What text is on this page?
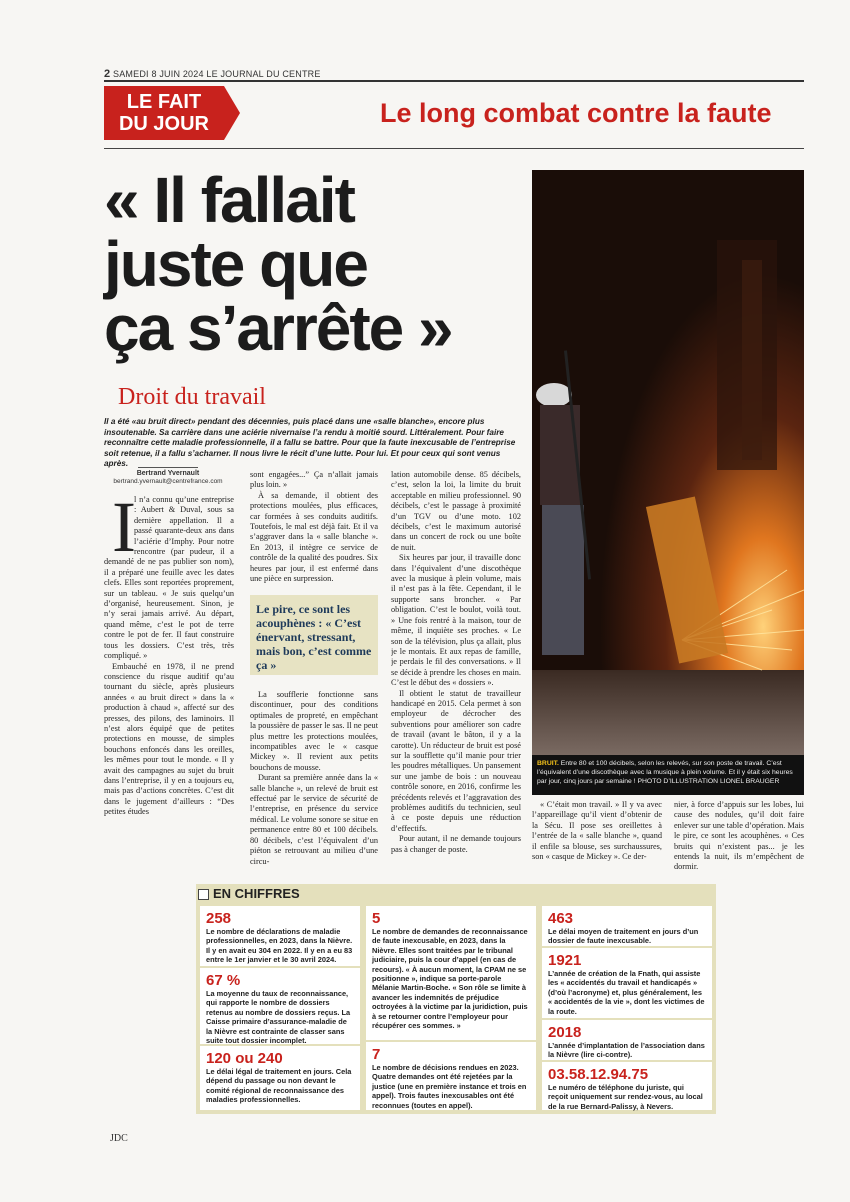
2 SAMEDI 8 JUIN 2024 LE JOURNAL DU CENTRE
LE FAIT
DU JOUR	Le long combat contre la faute
« Il fallait
juste que
ça s’arrête »
Droit du travail
Il a été «au bruit direct» pendant des décennies, puis placé dans une «salle blanche», encore plus insoutenable. Sa carrière dans une aciérie nivernaise l’a rendu à moitié sourd. Littéralement. Pour faire reconnaître cette maladie professionnelle, il a fallu se battre. Pour que la faute inexcusable de l’entreprise soit retenue, il a fallu s’acharner. Il nous livre le récit d’une lutte. Pour lui. Et pour ceux qui sont venus après.
Bertrand Yvernault
bertrand.yvernault@centrefrance.com
I

l n’a connu qu’une entreprise : Aubert & Duval, sous sa dernière appellation. Il a passé quarante-deux ans dans l’aciérie d’Imphy. Pour notre rencontre (par pudeur, il a demandé de ne pas publier son nom), il a préparé une feuille avec les dates clefs. Elles sont reportées proprement, sur un tableau. « Je suis quelqu’un d’organisé, heureusement. Sinon, je n’y serai jamais arrivé. Au départ, quand même, c’est le pot de terre contre le pot de fer. Il faut construire tous les dossiers. C’est très, très compliqué. »

Embauché en 1978, il ne prend conscience du risque auditif qu’au tournant du siècle, après plusieurs années « au bruit direct » dans la « production à chaud », affecté sur des presses, des pilons, des laminoirs. Il n’est alors équipé que de petites protections en mousse, de simples bouchons enfoncés dans les oreilles, les mêmes pour tout le monde. « Il y avait des campagnes au sujet du bruit dans l’entreprise, il y en a toujours eu, mais pas d’actions concrètes. C’est dit dans le jugement d’ailleurs : “Des petites études

sont engagées...” Ça n’allait jamais plus loin. »

À sa demande, il obtient des protections moulées, plus efficaces, car formées à ses conduits auditifs. Toutefois, le mal est déjà fait. Et il va s’aggraver dans la « salle blanche ». En 2013, il intègre ce service de contrôle de la qualité des poudres. Six heures par jour, il est enfermé dans une pièce en surpression.

Le pire, ce sont les acouphènes : « C’est énervant, stressant, mais bon, c’est comme ça »

La soufflerie fonctionne sans discontinuer, pour des conditions optimales de propreté, en empêchant la poussière de passer le sas. Il ne peut plus mettre les protections moulées, incompatibles avec le « casque Mickey ». Il revient aux petits bouchons de mousse.

Durant sa première année dans la « salle blanche », un relevé de bruit est effectué par le service de sécurité de l’entreprise, en présence du service médical. Le volume sonore se situe en permanence entre 80 et 100 décibels. 80 décibels, c’est l’équivalent d’un piéton se retrouvant au milieu d’une circu-

lation automobile dense. 85 décibels, c’est, selon la loi, la limite du bruit acceptable en milieu professionnel. 90 décibels, c’est le passage à proximité d’un TGV ou d’une moto. 102 décibels, c’est le maximum autorisé dans un concert de rock ou une boîte de nuit.

Six heures par jour, il travaille donc dans l’équivalent d’une discothèque avec la musique à plein volume, mais il n’est pas à la fête. Cependant, il le supporte sans broncher. « Par obligation. C’est le boulot, voilà tout. » Une fois rentré à la maison, tour de même, il inquiète ses proches. « Le son de la télévision, plus ça allait, plus je le montais. Et aux repas de famille, je perdais le fil des conversations. » Il se décide à prendre les choses en main. C’est le début des « dossiers ».

Il obtient le statut de travailleur handicapé en 2015. Cela permet à son employeur de décrocher des subventions pour améliorer son cadre de travail (avant le bâton, il y a la carotte). Un réducteur de bruit est posé sur la soufflette qu’il manie pour trier les poudres métalliques. Un pansement sur une jambe de bois : un nouveau contrôle sonore, en 2016, confirme les précédents relevés et l’aggravation des problèmes auditifs du technicien, seul à ce poste depuis une réduction d’effectifs.

Pour autant, il ne demande toujours pas à changer de poste.

BRUIT. Entre 80 et 100 décibels, selon les relevés, sur son poste de travail. C’est l’équivalent d’une discothèque avec la musique à plein volume. Et il y était six heures par jour, cinq jours par semaine ! PHOTO D’ILLUSTRATION LIONEL BRAUGER

« C’était mon travail. » Il y va avec l’appareillage qu’il vient d’obtenir de la Sécu. Il pose ses oreillettes à l’entrée de la « salle blanche », quand il enfile sa blouse, ses surchaussures, son « casque de Mickey ». Ce der-

nier, à force d’appuis sur les lobes, lui cause des nodules, qu’il doit faire enlever sur une table d’opération. Mais le pire, ce sont les acouphènes. « Ces bruits qui n’existent pas... je les entends la nuit, ils m’empêchent de dormir.

258
Le nombre de déclarations de maladie professionnelles, en 2023, dans la Nièvre. Il y en avait eu 304 en 2022. Il y en a eu 83 entre le 1er janvier et le 30 avril 2024.
67 %
La moyenne du taux de reconnaissance, qui rapporte le nombre de dossiers retenus au nombre de dossiers reçus. La Caisse primaire d’assurance-maladie de la Nièvre est contrainte de classer sans suite tout dossier incomplet.
120 ou 240
Le délai légal de traitement en jours. Cela dépend du passage ou non devant le comité régional de reconnaissance des maladies professionnelles.
5
Le nombre de demandes de reconnaissance de faute inexcusable, en 2023, dans la Nièvre. Elles sont traitées par le tribunal judiciaire, puis la cour d’appel (en cas de recours). « À aucun moment, la CPAM ne se positionne », indique sa porte-parole Mélanie Martin-Boche. « Son rôle se limite à avancer les indemnités de préjudice octroyées à la victime par la juridiction, puis à se retourner contre l’employeur pour récupérer ces sommes. »
7
Le nombre de décisions rendues en 2023. Quatre demandes ont été rejetées par la justice (une en première instance et trois en appel). Trois fautes inexcusables ont été reconnues (toutes en appel).
463
Le délai moyen de traitement en jours d’un dossier de faute inexcusable.
1921
L’année de création de la Fnath, qui assiste les « accidentés du travail et handicapés » (d’où l’acronyme) et, plus généralement, les « accidentés de la vie », dont les victimes de la route.
2018
L’année d’implantation de l’association dans la Nièvre (lire ci-contre).
03.58.12.94.75
Le numéro de téléphone du juriste, qui reçoit uniquement sur rendez-vous, au local de la rue Bernard-Palissy, à Nevers.
EN CHIFFRES
JDC
